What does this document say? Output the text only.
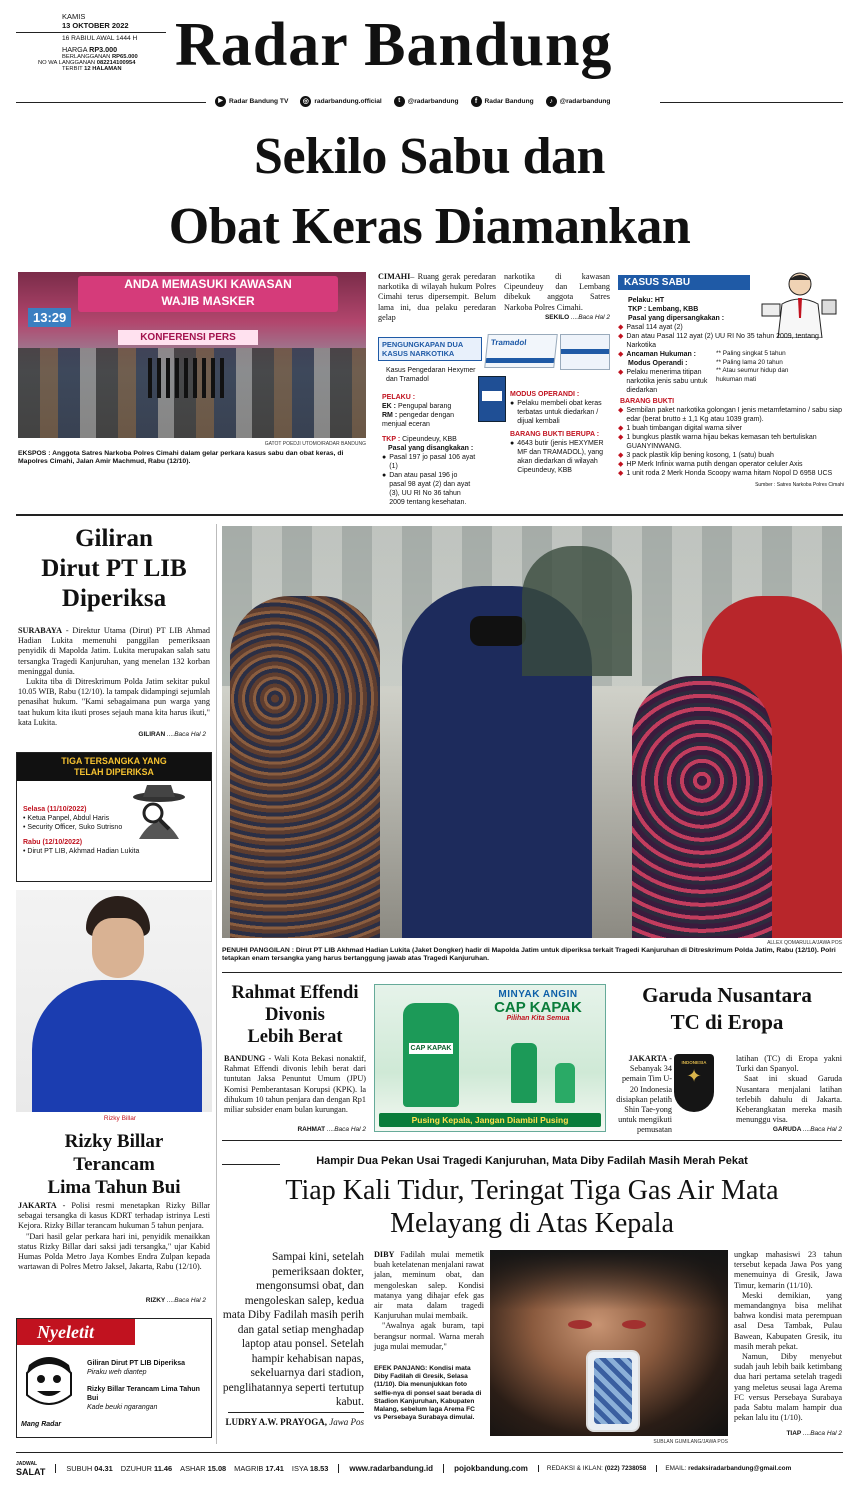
KAMIS
13 OKTOBER 2022
16 RABIUL AWAL 1444 H
HARGA RP3.000
BERLANGGANAN RP65.000
NO WA LANGGANAN 082214100954
TERBIT 12 HALAMAN Radar Bandung
▶ Radar Bandung TV	◎ radarbandung.official	t	@radarbandung	f	Radar Bandung	♪	@radarbandung
Sekilo Sabu dan
Obat Keras Diamankan
ANDA MEMASUKI KAWASAN
WAJIB MASKER
13:29
KONFERENSI PERS
GATOT POEDJI UTOMO/RADAR BANDUNG
EKSPOS : Anggota Satres Narkoba Polres Cimahi dalam gelar perkara kasus sabu dan obat keras, di Mapolres Cimahi, Jalan Amir Machmud, Rabu (12/10).
CIMAHI– Ruang gerak peredaran narkotika di wilayah hukum Polres Cimahi terus dipersempit. Belum lama ini, dua pelaku peredaran gelap
narkotika di kawasan Cipeundeuy dan Lembang dibekuk anggota Satres Narkoba Polres Cimahi.
SEKILO ....Baca Hal 2
PENGUNGKAPAN DUA KASUS NARKOTIKA
Tramadol
Kasus Pengedaran Hexymer dan Tramadol
PELAKU :
EK : Pengupal barang
RM : pengedar dengan menjual eceran
TKP : Cipeundeuy, KBB
Pasal yang disangkakan :
● Pasal 197 jo pasal 106 ayat (1)
● Dan atau pasal 196 jo pasal 98 ayat (2) dan ayat (3), UU RI No 36 tahun 2009 tentang kesehatan.
MODUS OPERANDI :
● Pelaku membeli obat keras terbatas untuk diedarkan / dijual kembali
BARANG BUKTI BERUPA :
● 4643 butir (jenis HEXYMER MF dan TRAMADOL), yang akan diedarkan di wilayah Cipeundeuy, KBB
KASUS SABU
Pelaku: HT
TKP : Lembang, KBB
Pasal yang dipersangkakan :
◆ Pasal 114 ayat (2)
◆ Dan atau Pasal 112 ayat (2) UU RI No 35 tahun 2009, tentang Narkotika
◆ Ancaman Hukuman :
Modus Operandi :
◆ Pelaku menerima titipan narkotika jenis sabu untuk diedarkan
** Paling singkat 5 tahun
** Paling lama 20 tahun
** Atau seumur hidup dan hukuman mati
BARANG BUKTI
◆ Sembilan paket narkotika golongan I jenis metamfetamino / sabu siap edar (berat brutto ± 1,1 Kg atau 1039 gram).
◆ 1 buah timbangan digital warna silver
◆ 1 bungkus plastik warna hijau bekas kemasan teh bertuliskan GUANYINWANG.
◆ 3 pack plastik klip bening kosong, 1 (satu) buah
◆ HP Merk Infinix warna putih dengan operator celuler Axis
◆ 1 unit roda 2 Merk Honda Scoopy warna hitam Nopol D 6958 UCS
Sumber : Satres Narkoba Polres Cimahi
Giliran
Dirut PT LIB
Diperiksa
SURABAYA - Direktur Utama (Dirut) PT LIB Ahmad Hadian Lukita memenuhi panggilan pemeriksaan penyidik di Mapolda Jatim. Lukita merupakan salah satu tersangka Tragedi Kanjuruhan, yang menelan 132 korban meninggal dunia.
Lukita tiba di Ditreskrimum Polda Jatim sekitar pukul 10.05 WIB, Rabu (12/10). la tampak didampingi sejumlah penasihat hukum. "Kami sebagaimana pun warga yang taat hukum kita ikuti proses sejauh mana kita harus ikuti," kata Lukita.
GILIRAN ....Baca Hal 2
TIGA TERSANGKA YANG
TELAH DIPERIKSA
Selasa (11/10/2022)
• Ketua Panpel, Abdul Haris
• Security Officer, Suko Sutrisno
Rabu (12/10/2022)
• Dirut PT LIB, Akhmad Hadian Lukita
ALLEX QOMARULLA/JAWA POS
PENUHI PANGGILAN : Dirut PT LIB Akhmad Hadian Lukita (Jaket Dongker) hadir di Mapolda Jatim untuk diperiksa terkait Tragedi Kanjuruhan di Ditreskrimum Polda Jatim, Rabu (12/10). Polri tetapkan enam tersangka yang harus bertanggung jawab atas Tragedi Kanjuruhan.
Rizky Billar
Rizky Billar
Terancam
Lima Tahun Bui
JAKARTA - Polisi resmi menetapkan Rizky Billar sebagai tersangka di kasus KDRT terhadap istrinya Lesti Kejora. Rizky Billar terancam hukuman 5 tahun penjara.
"Dari hasil gelar perkara hari ini, penyidik menaikkan status Rizky Billar dari saksi jadi tersangka," ujar Kabid Humas Polda Metro Jaya Kombes Endra Zulpan kepada wartawan di Polres Metro Jaksel, Jakarta, Rabu (12/10).
RIZKY ....Baca Hal 2
Nyeletit
Mang Radar
Giliran Dirut PT LIB Diperiksa
Piraku weh diantep
Rizky Billar Terancam Lima Tahun Bui
Kade beuki ngarangan
Rahmat Effendi
Divonis
Lebih Berat
BANDUNG - Wali Kota Bekasi nonaktif, Rahmat Effendi divonis lebih berat dari tuntutan Jaksa Penuntut Umum (JPU) Komisi Pemberantasan Korupsi (KPK). la dihukum 10 tahun penjara dan dengan Rp1 miliar subsider enam bulan kurungan.
RAHMAT ....Baca Hal 2
MINYAK ANGIN
CAP KAPAK
Pilihan Kita Semua
CAP KAPAK
Pusing Kepala, Jangan Diambil Pusing
Garuda Nusantara
TC di Eropa
JAKARTA - Sebanyak 34 pemain Tim U-20 Indonesia disiapkan pelatih Shin Tae-yong untuk mengikuti pemusatan
INDONESIA
✦
latihan (TC) di Eropa yakni Turki dan Spanyol.
Saat ini skuad Garuda Nusantara menjalani latihan terlebih dahulu di Jakarta. Keberangkatan mereka masih menunggu visa.
GARUDA ....Baca Hal 2
Hampir Dua Pekan Usai Tragedi Kanjuruhan, Mata Diby Fadilah Masih Merah Pekat
Tiap Kali Tidur, Teringat Tiga Gas Air Mata
Melayang di Atas Kepala
Sampai kini, setelah pemeriksaan dokter, mengonsumsi obat, dan mengoleskan salep, kedua mata Diby Fadilah masih perih dan gatal setiap menghadap laptop atau ponsel. Setelah hampir kehabisan napas, sekeluarnya dari stadion, penglihatannya seperti tertutup kabut.
LUDRY A.W. PRAYOGA, Jawa Pos
DIBY Fadilah mulai memetik buah ketelatenan menjalani rawat jalan, meminum obat, dan mengoleskan salep. Kondisi matanya yang dihajar efek gas air mata dalam tragedi Kanjuruhan mulai membaik.
"Awalnya agak buram, tapi berangsur normal. Warna merah juga mulai memudar,"
EFEK PANJANG: Kondisi mata Diby Fadilah di Gresik, Selasa (11/10). Dia menunjukkan foto selfie-nya di ponsel saat berada di Stadion Kanjuruhan, Kabupaten Malang, sebelum laga Arema FC vs Persebaya Surabaya dimulai.
SUBLAN GUMILANG/JAWA POS
ungkap mahasiswi 23 tahun tersebut kepada Jawa Pos yang menemuinya di Gresik, Jawa Timur, kemarin (11/10).
Meski demikian, yang memandangnya bisa melihat bahwa kondisi mata perempuan asal Desa Tambak, Pulau Bawean, Kabupaten Gresik, itu masih merah pekat.
Namun, Diby menyebut sudah jauh lebih baik ketimbang dua hari pertama setelah tragedi yang meletus seusai laga Arema FC versus Persebaya Surabaya pada Sabtu malam hampir dua pekan lalu itu (1/10).
TIAP ....Baca Hal 2
JADWAL
SALAT	SUBUH 04.31 DZUHUR 11.46 ASHAR 15.08 MAGRIB 17.41 ISYA 18.53	www.radarbandung.id	pojokbandung.com	REDAKSI & IKLAN: (022) 7238058	EMAIL: redaksiradarbandung@gmail.com
